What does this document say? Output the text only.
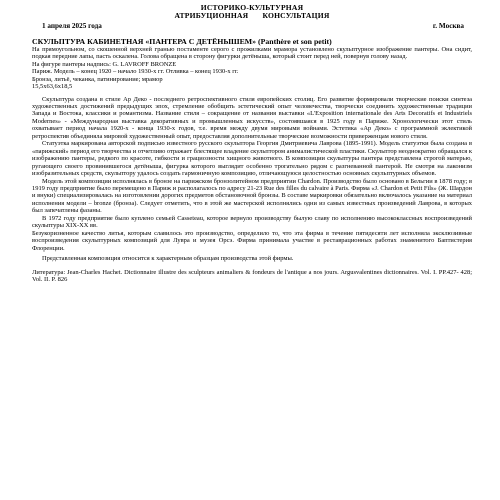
ИСТОРИКО-КУЛЬТУРНАЯ
АТРИБУЦИОННАЯ КОНСУЛЬТАЦИЯ
1 апреля 2025 года	г. Москва
СКУЛЬПТУРА КАБИНЕТНАЯ «ПАНТЕРА С ДЕТЁНЫШЕМ» (Panthère et son petit)

На прямоугольном, со скошенной верхней гранью постаменте серого с прожилками мрамора установлено скульптурное изображение пантеры. Она сидит, подкая передние лапы, пасть оскалена. Голова обращена в сторону фигурки детёныша, который стоит перед ней, повернув голову назад.

На фигуре пантеры надпись: G. LAVROFF BRONZE

Париж. Модель – конец 1920 – начало 1930-х гг. Отливка – конец 1930-х гг.

Бронза, литьё, чеканка, патинирование; мрамор

15,5х63,6х18,5

Скульптура создана в стиле Ар Деко - последнего ретроспективного стиля европейских столиц. Его развитие формировали творческие поиски синтеза художественных достижений предыдущих эпох, стремление обобщить эстетический опыт человечества, творчески соединить художественные традиции Запада и Востока, классики и романтизма. Название стиля – сокращение от названия выставки «L'Exposition internationale des Arts Decoratifs et Industriels Modernes» - «Международная выставка декоративных и промышленных искусств», состоявшаяся в 1925 году в Париже. Хронологически этот стиль охватывает период начала 1920-х - конца 1930-х годов, т.е. время между двумя мировыми войнами. Эстетика «Ар Деко» с программной эклектикой ретроспектив объединяла мировой художественный опыт, предоставляя дополнительные творческие возможности приверженцам нового стиля.

Статуэтка маркирована авторской подписью известного русского скульптора Георгия Дмитриевича Лаврова (1895-1991). Модель статуэтки была создана в «парижский» период его творчества и отчетливо отражает блестящее владение скульптором анималистической пластики. Скульптор неоднократно обращался к изображению пантеры, редкого по красоте, гибкости и грациозности хищного животного. В композиции скульптуры пантера представлена строгой матерью, ругающего своего провинившегося детёныша, фигурка которого выглядит особенно трогательно рядом с разгневанной пантерой. Не смотря на лаконизм изобразительных средств, скульптору удалось создать гармоничную композицию, отличающуюся целостностью основных скульптурных объемов.

Модель этой композиции исполнялась в бронзе на парижском бронзолитейном предприятии Chardon. Производство было основано в Бельгии в 1878 году; в 1919 году предприятие было перемещено в Париж и располагалось по адресу 21-23 Rue des filles du calvaire à Paris. Фирма «J. Chardon et Petit Fils» (Ж. Шардон и внуки) специализировалась на изготовлении дорогих предметов обстановочной бронзы. В составе маркировки обязательно включалось указание на материал исполнения модели – bronze (бронза). Следует отметить, что в этой же мастерской исполнялись одни из самых известных произведений Лаврова, в которых был запечатлены фазаны.

В 1972 году предприятие было куплено семьей Casseteau, которое вернуло производству былую славу по исполнению высококлассных воспроизведений скульптуры XIX-XX вв.

Безукоризненное качество литья, которым славилось это производство, определило то, что эта фирма в течение пятидесяти лет исполняла эксклюзивные воспроизведения скульптурных композиций для Лувра и музея Орсэ. Фирма принимала участие в реставрационных работах знаменитого Баптистерия Флоренции.

Представленная композиция относится к характерным образцам производства этой фирмы.

Литература: Jean-Charles Hachet. Dictionnaire illustre des sculpteurs animaliers & fondeurs de l'antique a nos jours. Argusvalentines dictionnaires. Vol. I. PP.427- 428; Vol. II. P. 826
